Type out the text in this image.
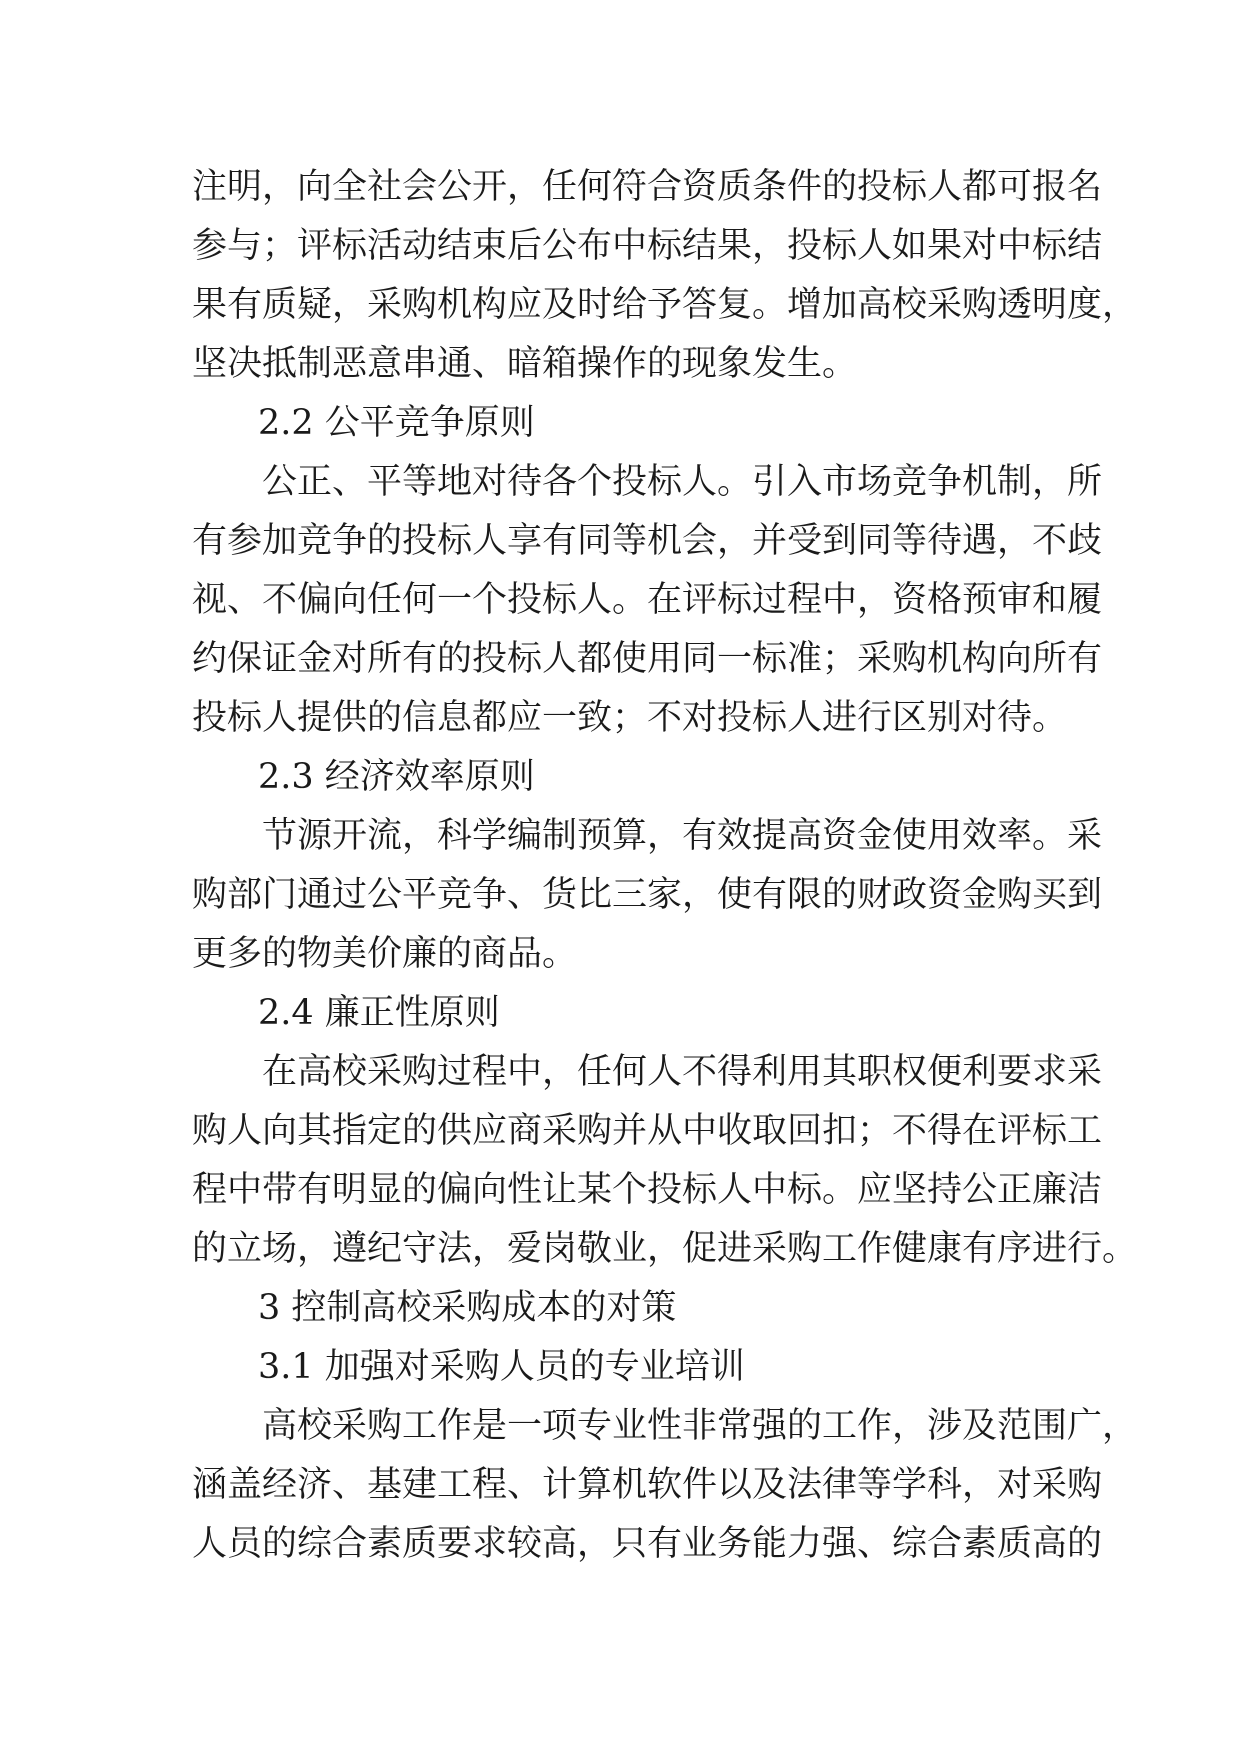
注明，向全社会公开，任何符合资质条件的投标人都可报名
参与；评标活动结束后公布中标结果，投标人如果对中标结
果有质疑，采购机构应及时给予答复。增加高校采购透明度，
坚决抵制恶意串通、暗箱操作的现象发生。
2.2 公平竞争原则
公正、平等地对待各个投标人。引入市场竞争机制，所
有参加竞争的投标人享有同等机会，并受到同等待遇，不歧
视、不偏向任何一个投标人。在评标过程中，资格预审和履
约保证金对所有的投标人都使用同一标准；采购机构向所有
投标人提供的信息都应一致；不对投标人进行区别对待。
2.3 经济效率原则
节源开流，科学编制预算，有效提高资金使用效率。采
购部门通过公平竞争、货比三家，使有限的财政资金购买到
更多的物美价廉的商品。
2.4 廉正性原则
在高校采购过程中，任何人不得利用其职权便利要求采
购人向其指定的供应商采购并从中收取回扣；不得在评标工
程中带有明显的偏向性让某个投标人中标。应坚持公正廉洁
的立场，遵纪守法，爱岗敬业，促进采购工作健康有序进行。
3 控制高校采购成本的对策
3.1 加强对采购人员的专业培训
高校采购工作是一项专业性非常强的工作，涉及范围广，
涵盖经济、基建工程、计算机软件以及法律等学科，对采购
人员的综合素质要求较高，只有业务能力强、综合素质高的
